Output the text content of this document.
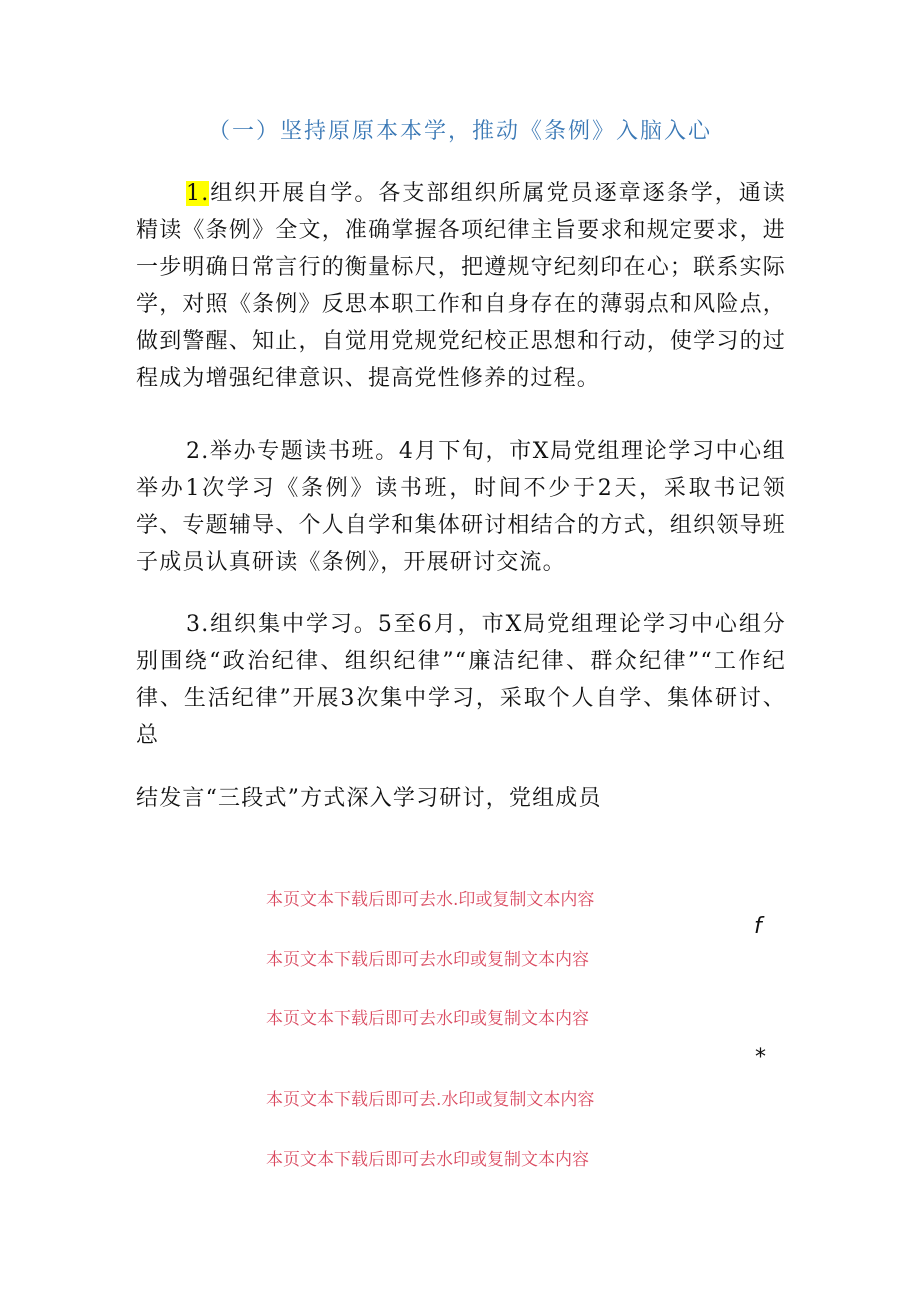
（一）坚持原原本本学，推动《条例》入脑入心
1.组织开展自学。各支部组织所属党员逐章逐条学，通读精读《条例》全文，准确掌握各项纪律主旨要求和规定要求，进一步明确日常言行的衡量标尺，把遵规守纪刻印在心；联系实际学，对照《条例》反思本职工作和自身存在的薄弱点和风险点，做到警醒、知止，自觉用党规党纪校正思想和行动，使学习的过程成为增强纪律意识、提高党性修养的过程。
2.举办专题读书班。4月下旬，市X局党组理论学习中心组举办1次学习《条例》读书班，时间不少于2天，采取书记领学、专题辅导、个人自学和集体研讨相结合的方式，组织领导班子成员认真研读《条例》，开展研讨交流。
3.组织集中学习。5至6月，市X局党组理论学习中心组分别围绕“政治纪律、组织纪律”“廉洁纪律、群众纪律”“工作纪律、生活纪律”开展3次集中学习，采取个人自学、集体研讨、总
结发言“三段式”方式深入学习研讨，党组成员
本页文本下载后即可去水.印或复制文本内容
本页文本下载后即可去水印或复制文本内容
本页文本下载后即可去水印或复制文本内容
本页文本下载后即可去.水印或复制文本内容
本页文本下载后即可去水印或复制文本内容
f
*
